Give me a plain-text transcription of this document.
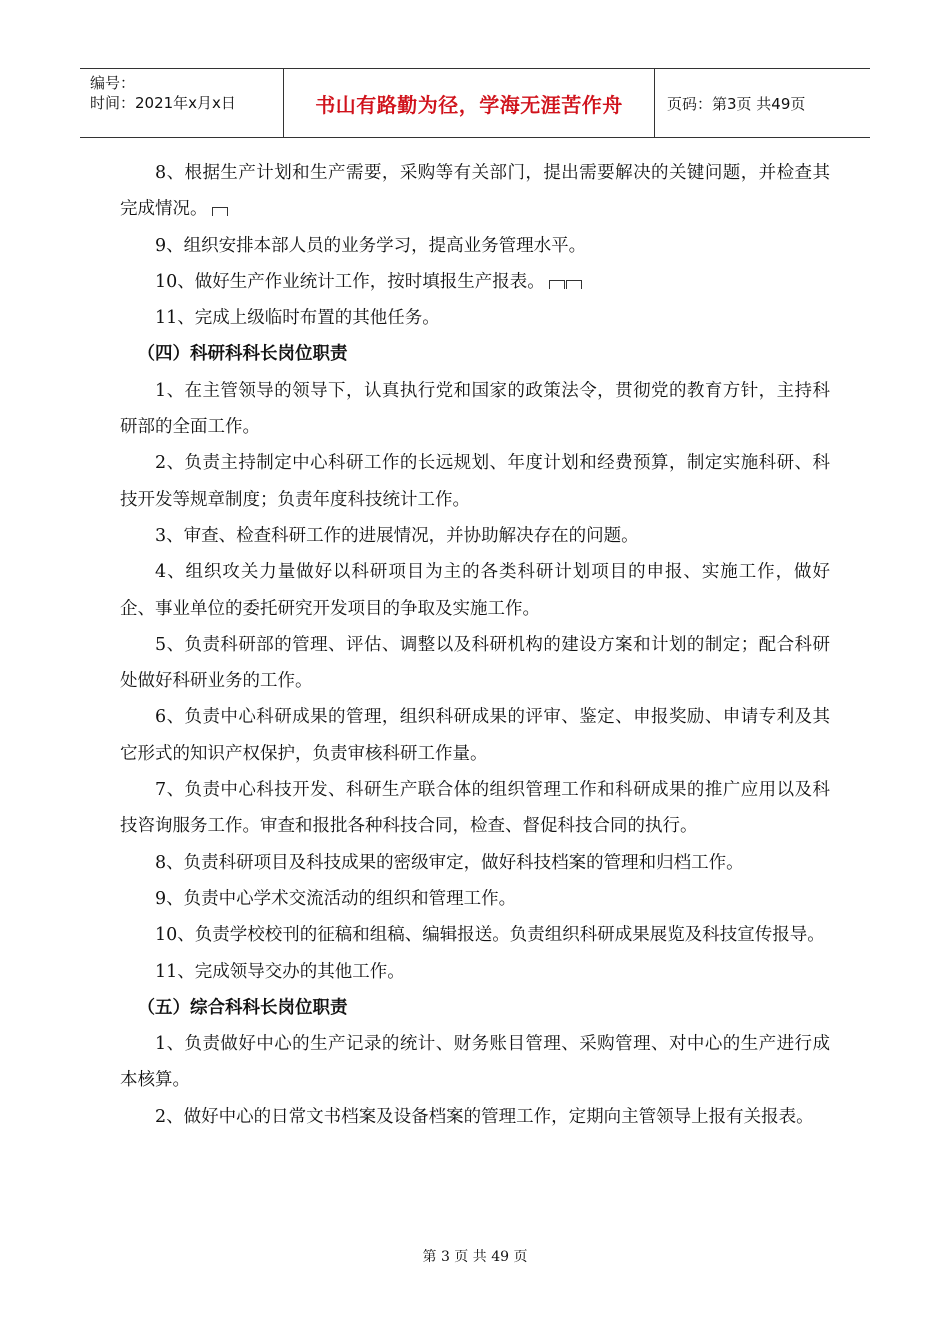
编号：
时间：2021年x月x日	书山有路勤为径，学海无涯苦作舟	页码：第3页 共49页

8、根据生产计划和生产需要，采购等有关部门，提出需要解决的关键问题，并检查其完成情况。

9、组织安排本部人员的业务学习，提高业务管理水平。

10、做好生产作业统计工作，按时填报生产报表。

11、完成上级临时布置的其他任务。

（四）科研科科长岗位职责

1、在主管领导的领导下，认真执行党和国家的政策法令，贯彻党的教育方针，主持科研部的全面工作。

2、负责主持制定中心科研工作的长远规划、年度计划和经费预算，制定实施科研、科技开发等规章制度；负责年度科技统计工作。

3、审查、检查科研工作的进展情况，并协助解决存在的问题。

4、组织攻关力量做好以科研项目为主的各类科研计划项目的申报、实施工作，做好企、事业单位的委托研究开发项目的争取及实施工作。

5、负责科研部的管理、评估、调整以及科研机构的建设方案和计划的制定；配合科研处做好科研业务的工作。

6、负责中心科研成果的管理，组织科研成果的评审、鉴定、申报奖励、申请专利及其它形式的知识产权保护，负责审核科研工作量。

7、负责中心科技开发、科研生产联合体的组织管理工作和科研成果的推广应用以及科技咨询服务工作。审查和报批各种科技合同，检查、督促科技合同的执行。

8、负责科研项目及科技成果的密级审定，做好科技档案的管理和归档工作。

9、负责中心学术交流活动的组织和管理工作。

10、负责学校校刊的征稿和组稿、编辑报送。负责组织科研成果展览及科技宣传报导。

11、完成领导交办的其他工作。

（五）综合科科长岗位职责

1、负责做好中心的生产记录的统计、财务账目管理、采购管理、对中心的生产进行成本核算。

2、做好中心的日常文书档案及设备档案的管理工作，定期向主管领导上报有关报表。

第 3 页 共 49 页
